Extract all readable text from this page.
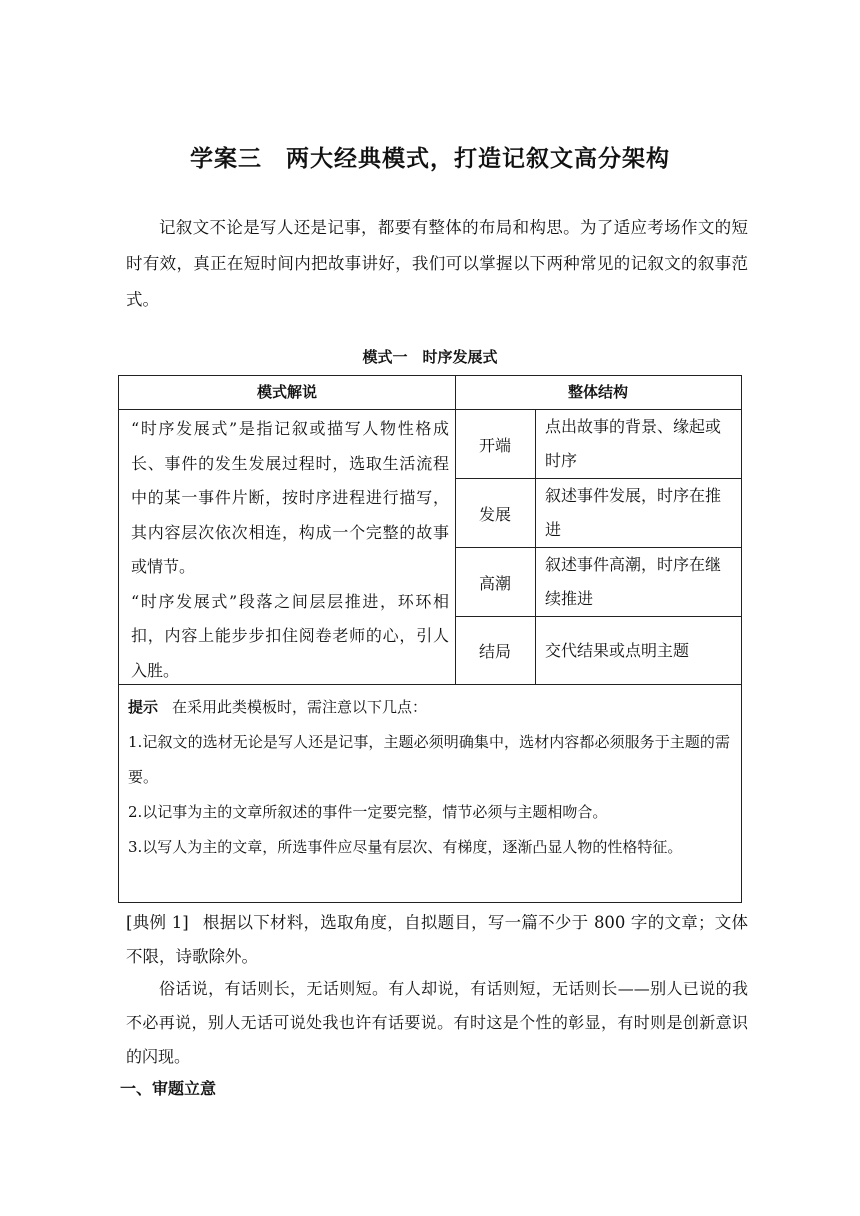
学案三　两大经典模式，打造记叙文高分架构
记叙文不论是写人还是记事，都要有整体的布局和构思。为了适应考场作文的短时有效，真正在短时间内把故事讲好，我们可以掌握以下两种常见的记叙文的叙事范式。
模式一　时序发展式
模式解说	整体结构

“时序发展式”是指记叙或描写人物性格成长、事件的发生发展过程时，选取生活流程中的某一事件片断，按时序进程进行描写，其内容层次依次相连，构成一个完整的故事或情节。

“时序发展式”段落之间层层推进，环环相扣，内容上能步步扣住阅卷老师的心，引人入胜。

开端
点出故事的背景、缘起或时序
发展
叙述事件发展，时序在推进
高潮
叙述事件高潮，时序在继续推进
结局	交代结果或点明主题

提示 在采用此类模板时，需注意以下几点：

1.记叙文的选材无论是写人还是记事，主题必须明确集中，选材内容都必须服务于主题的需要。

2.以记事为主的文章所叙述的事件一定要完整，情节必须与主题相吻合。

3.以写人为主的文章，所选事件应尽量有层次、有梯度，逐渐凸显人物的性格特征。

[典例 1] 根据以下材料，选取角度，自拟题目，写一篇不少于 800 字的文章；文体不限，诗歌除外。
俗话说，有话则长，无话则短。有人却说，有话则短，无话则长——别人已说的我不必再说，别人无话可说处我也许有话要说。有时这是个性的彰显，有时则是创新意识的闪现。
一、审题立意
